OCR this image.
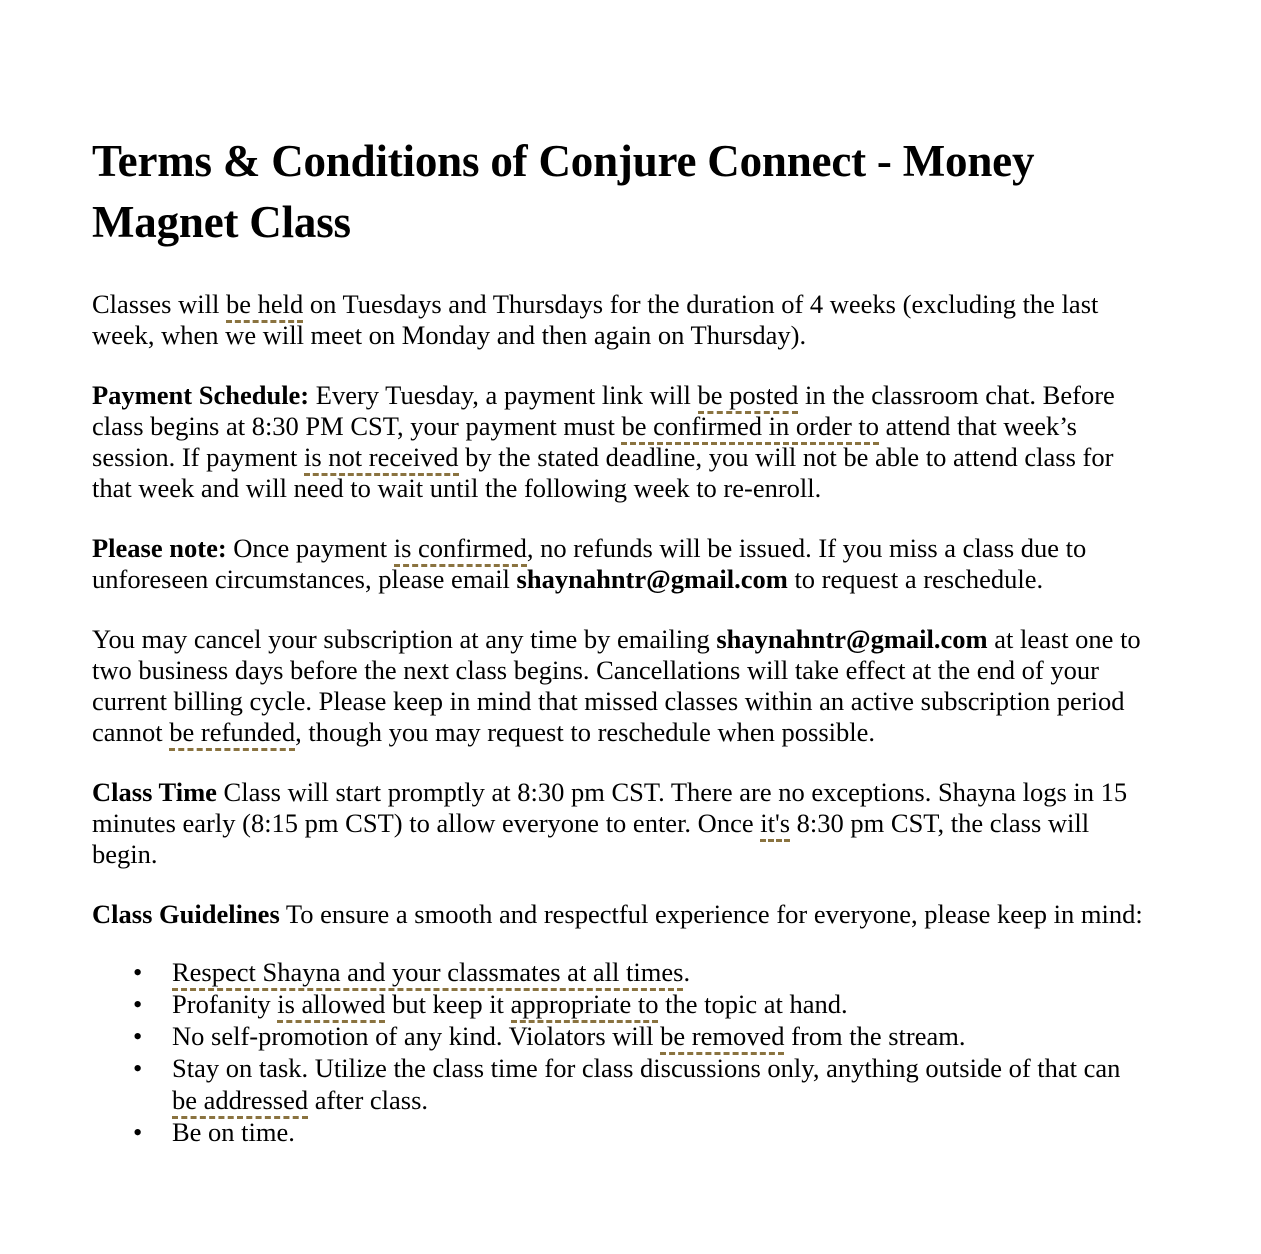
Terms & Conditions of Conjure Connect - Money Magnet Class

Classes will be held on Tuesdays and Thursdays for the duration of 4 weeks (excluding the last week, when we will meet on Monday and then again on Thursday).

Payment Schedule: Every Tuesday, a payment link will be posted in the classroom chat. Before class begins at 8:30 PM CST, your payment must be confirmed in order to attend that week’s session. If payment is not received by the stated deadline, you will not be able to attend class for that week and will need to wait until the following week to re-enroll.

Please note: Once payment is confirmed, no refunds will be issued. If you miss a class due to unforeseen circumstances, please email shaynahntr@gmail.com to request a reschedule.

You may cancel your subscription at any time by emailing shaynahntr@gmail.com at least one to two business days before the next class begins. Cancellations will take effect at the end of your current billing cycle. Please keep in mind that missed classes within an active subscription period cannot be refunded, though you may request to reschedule when possible.

Class Time Class will start promptly at 8:30 pm CST. There are no exceptions. Shayna logs in 15 minutes early (8:15 pm CST) to allow everyone to enter. Once it's 8:30 pm CST, the class will begin.

Class Guidelines To ensure a smooth and respectful experience for everyone, please keep in mind:

• Respect Shayna and your classmates at all times.
• Profanity is allowed but keep it appropriate to the topic at hand.
• No self-promotion of any kind. Violators will be removed from the stream.
• Stay on task. Utilize the class time for class discussions only, anything outside of that can be addressed after class.
• Be on time.
